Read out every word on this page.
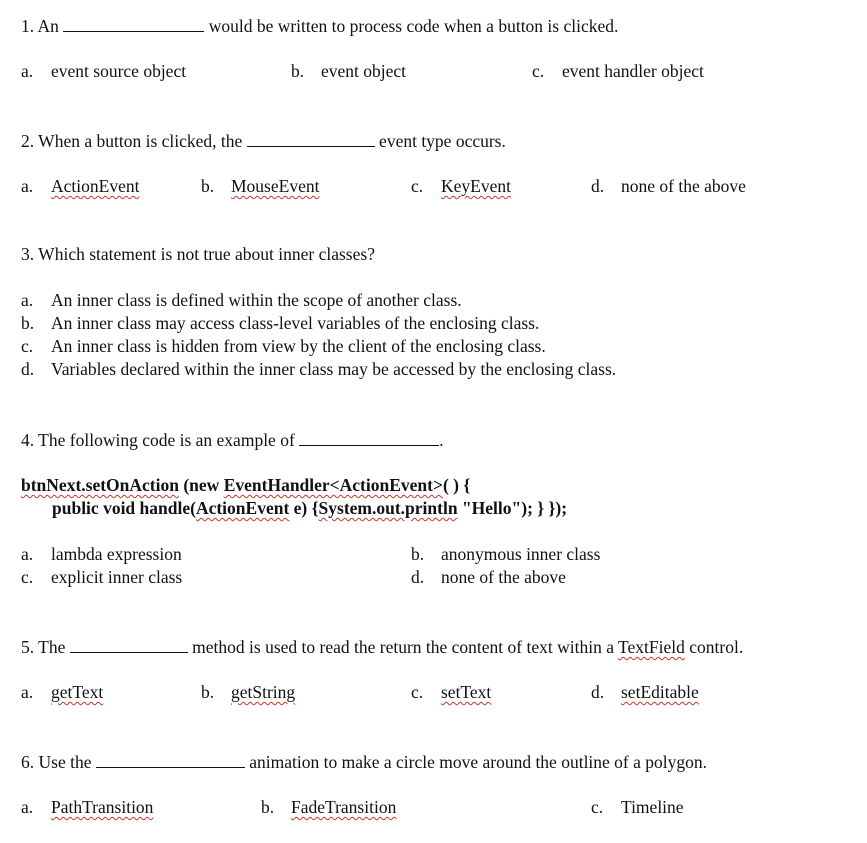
1. An	would be written to process code when a button is clicked.
a. event source object	b. event object	c. event handler object
2. When a button is clicked, the	event type occurs.
a. ActionEvent	b. MouseEvent	c. KeyEvent	d. none of the above
3. Which statement is not true about inner classes?
a. An inner class is defined within the scope of another class.
b. An inner class may access class-level variables of the enclosing class.
c. An inner class is hidden from view by the client of the enclosing class.
d. Variables declared within the inner class may be accessed by the enclosing class.
4. The following code is an example of	.
btnNext.setOnAction (new EventHandler<ActionEvent>( ) {
public void handle(ActionEvent e) {System.out.println "Hello"); } });
a. lambda expression	b. anonymous inner class
c. explicit inner class	d. none of the above
5. The	method is used to read the return the content of text within a TextField control.
a. getText	b. getString	c. setText	d. setEditable
6. Use the	animation to make a circle move around the outline of a polygon.
a. PathTransition	b. FadeTransition	c. Timeline
